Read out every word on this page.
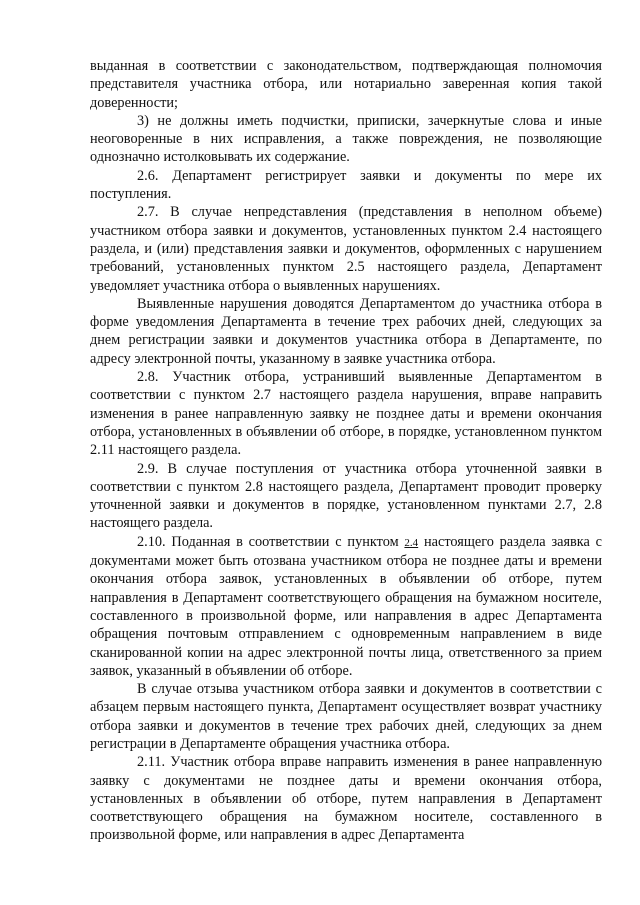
выданная в соответствии с законодательством, подтверждающая полномочия представителя участника отбора, или нотариально заверенная копия такой доверенности;

3) не должны иметь подчистки, приписки, зачеркнутые слова и иные неоговоренные в них исправления, а также повреждения, не позволяющие однозначно истолковывать их содержание.

2.6. Департамент регистрирует заявки и документы по мере их поступления.

2.7. В случае непредставления (представления в неполном объеме) участником отбора заявки и документов, установленных пунктом 2.4 настоящего раздела, и (или) представления заявки и документов, оформленных с нарушением требований, установленных пунктом 2.5 настоящего раздела, Департамент уведомляет участника отбора о выявленных нарушениях.

Выявленные нарушения доводятся Департаментом до участника отбора в форме уведомления Департамента в течение трех рабочих дней, следующих за днем регистрации заявки и документов участника отбора в Департаменте, по адресу электронной почты, указанному в заявке участника отбора.

2.8. Участник отбора, устранивший выявленные Департаментом в соответствии с пунктом 2.7 настоящего раздела нарушения, вправе направить изменения в ранее направленную заявку не позднее даты и времени окончания отбора, установленных в объявлении об отборе, в порядке, установленном пунктом 2.11 настоящего раздела.

2.9. В случае поступления от участника отбора уточненной заявки в соответствии с пунктом 2.8 настоящего раздела, Департамент проводит проверку уточненной заявки и документов в порядке, установленном пунктами 2.7, 2.8 настоящего раздела.

2.10. Поданная в соответствии с пунктом 2.4 настоящего раздела заявка с документами может быть отозвана участником отбора не позднее даты и времени окончания отбора заявок, установленных в объявлении об отборе, путем направления в Департамент соответствующего обращения на бумажном носителе, составленного в произвольной форме, или направления в адрес Департамента обращения почтовым отправлением с одновременным направлением в виде сканированной копии на адрес электронной почты лица, ответственного за прием заявок, указанный в объявлении об отборе.

В случае отзыва участником отбора заявки и документов в соответствии с абзацем первым настоящего пункта, Департамент осуществляет возврат участнику отбора заявки и документов в течение трех рабочих дней, следующих за днем регистрации в Департаменте обращения участника отбора.

2.11. Участник отбора вправе направить изменения в ранее направленную заявку с документами не позднее даты и времени окончания отбора, установленных в объявлении об отборе, путем направления в Департамент соответствующего обращения на бумажном носителе, составленного в произвольной форме, или направления в адрес Департамента
